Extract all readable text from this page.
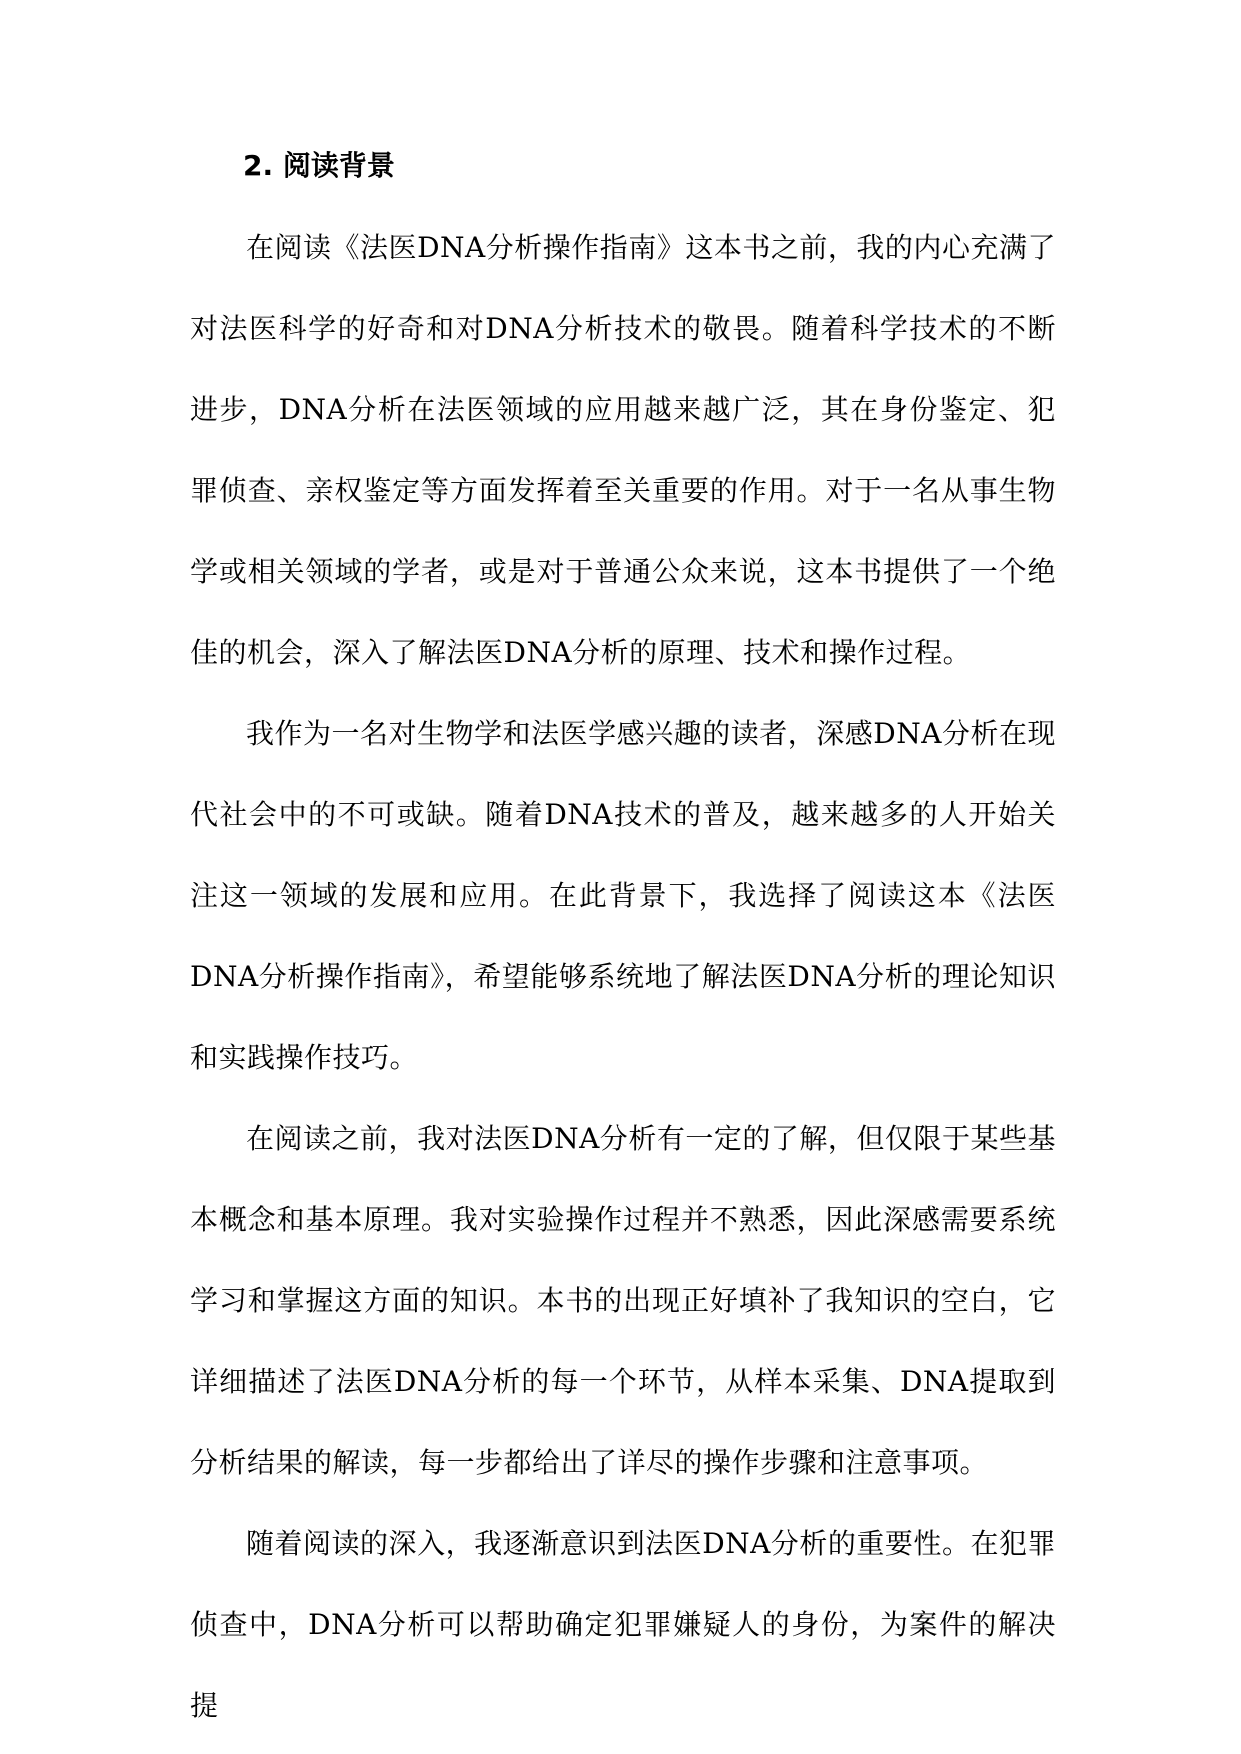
2. 阅读背景

在阅读《法医DNA分析操作指南》这本书之前，我的内心充满了对法医科学的好奇和对DNA分析技术的敬畏。随着科学技术的不断进步，DNA分析在法医领域的应用越来越广泛，其在身份鉴定、犯罪侦查、亲权鉴定等方面发挥着至关重要的作用。对于一名从事生物学或相关领域的学者，或是对于普通公众来说，这本书提供了一个绝佳的机会，深入了解法医DNA分析的原理、技术和操作过程。

我作为一名对生物学和法医学感兴趣的读者，深感DNA分析在现代社会中的不可或缺。随着DNA技术的普及，越来越多的人开始关注这一领域的发展和应用。在此背景下，我选择了阅读这本《法医DNA分析操作指南》，希望能够系统地了解法医DNA分析的理论知识和实践操作技巧。

在阅读之前，我对法医DNA分析有一定的了解，但仅限于某些基本概念和基本原理。我对实验操作过程并不熟悉，因此深感需要系统学习和掌握这方面的知识。本书的出现正好填补了我知识的空白，它详细描述了法医DNA分析的每一个环节，从样本采集、DNA提取到分析结果的解读，每一步都给出了详尽的操作步骤和注意事项。

随着阅读的深入，我逐渐意识到法医DNA分析的重要性。在犯罪侦查中，DNA分析可以帮助确定犯罪嫌疑人的身份，为案件的解决提
